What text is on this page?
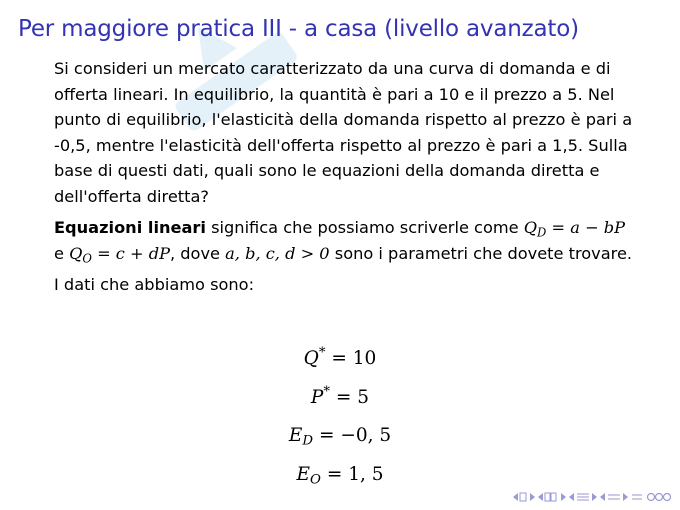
Per maggiore pratica III - a casa (livello avanzato)

Si consideri un mercato caratterizzato da una curva di domanda e di offerta lineari. In equilibrio, la quantità è pari a 10 e il prezzo a 5. Nel punto di equilibrio, l'elasticità della domanda rispetto al prezzo è pari a -0,5, mentre l'elasticità dell'offerta rispetto al prezzo è pari a 1,5. Sulla base di questi dati, quali sono le equazioni della domanda diretta e dell'offerta diretta?

Equazioni lineari significa che possiamo scriverle come $Q_D = a$ − bP e $Q_O = c$ + dP, dove a, b, c, d > 0 sono i parametri che dovete trovare.

I dati che abbiamo sono:

Q* = 10
P* = 5
$E_D = -0$, 5
$E_O = 1$, 5
